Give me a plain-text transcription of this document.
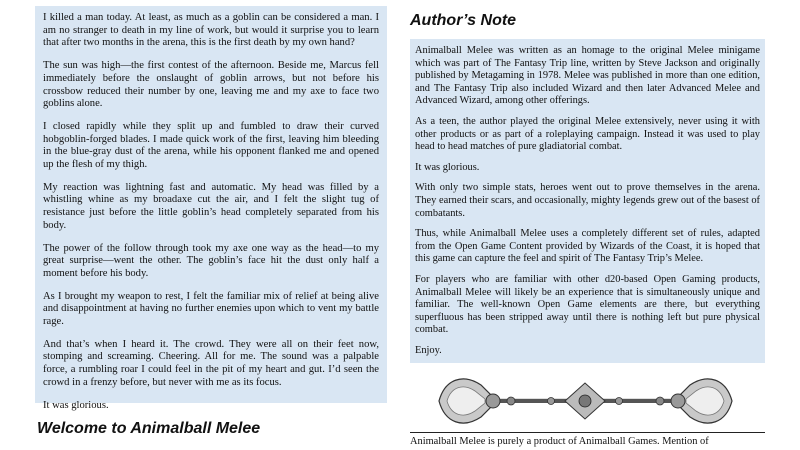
I killed a man today. At least, as much as a goblin can be considered a man. I am no stranger to death in my line of work, but would it surprise you to learn that after two months in the arena, this is the first death by my own hand?

The sun was high—the first contest of the afternoon. Beside me, Marcus fell immediately before the onslaught of goblin arrows, but not before his crossbow reduced their number by one, leaving me and my axe to face two goblins alone.

I closed rapidly while they split up and fumbled to draw their curved hobgoblin-forged blades. I made quick work of the first, leaving him bleeding in the blue-gray dust of the arena, while his opponent flanked me and opened up the flesh of my thigh.

My reaction was lightning fast and automatic. My head was filled by a whistling whine as my broadaxe cut the air, and I felt the slight tug of resistance just before the little goblin’s head completely separated from his body.

The power of the follow through took my axe one way as the head—to my great surprise—went the other. The goblin’s face hit the dust only half a moment before his body.

As I brought my weapon to rest, I felt the familiar mix of relief at being alive and disappointment at having no further enemies upon which to vent my battle rage.

And that’s when I heard it. The crowd. They were all on their feet now, stomping and screaming. Cheering. All for me. The sound was a palpable force, a rumbling roar I could feel in the pit of my heart and gut. I’d seen the crowd in a frenzy before, but never with me as its focus.

It was glorious.

Welcome to Animalball Melee
Author’s Note

Animalball Melee was written as an homage to the original Melee minigame which was part of The Fantasy Trip line, written by Steve Jackson and originally published by Metagaming in 1978. Melee was published in more than one edition, and The Fantasy Trip also included Wizard and then later Advanced Melee and Advanced Wizard, among other offerings.

As a teen, the author played the original Melee extensively, never using it with other products or as part of a roleplaying campaign. Instead it was used to play head to head matches of pure gladiatorial combat.

It was glorious.

With only two simple stats, heroes went out to prove themselves in the arena. They earned their scars, and occasionally, mighty legends grew out of the basest of combatants.

Thus, while Animalball Melee uses a completely different set of rules, adapted from the Open Game Content provided by Wizards of the Coast, it is hoped that this game can capture the feel and spirit of The Fantasy Trip’s Melee.

For players who are familiar with other d20-based Open Gaming products, Animalball Melee will likely be an experience that is simultaneously unique and familiar. The well-known Open Game elements are there, but everything superfluous has been stripped away until there is nothing left but pure physical combat.

Enjoy.

Animalball Melee is purely a product of Animalball Games. Mention of
